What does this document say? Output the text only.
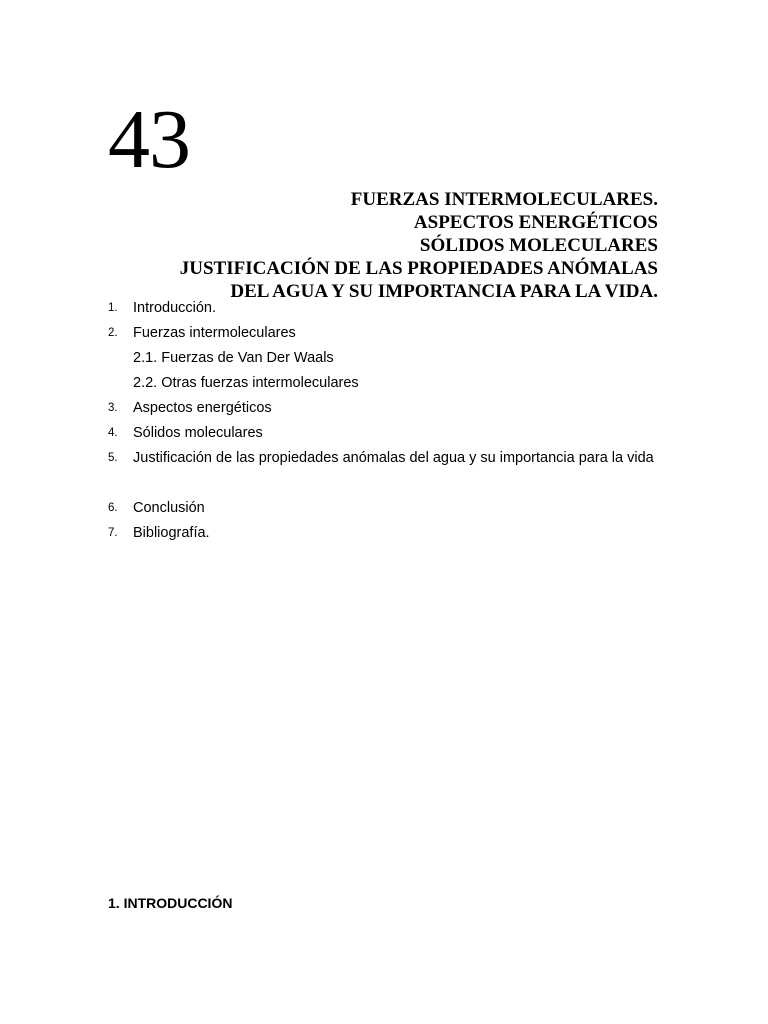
43
FUERZAS INTERMOLECULARES.
ASPECTOS ENERGÉTICOS
SÓLIDOS MOLECULARES
JUSTIFICACIÓN DE LAS PROPIEDADES ANÓMALAS
DEL AGUA Y SU IMPORTANCIA PARA LA VIDA.
1. Introducción.
2. Fuerzas intermoleculares
2.1. Fuerzas de Van Der Waals
2.2. Otras fuerzas intermoleculares
3. Aspectos energéticos
4. Sólidos moleculares
5. Justificación de las propiedades anómalas del agua y su importancia para la vida
6. Conclusión
7. Bibliografía.
1. INTRODUCCIÓN
